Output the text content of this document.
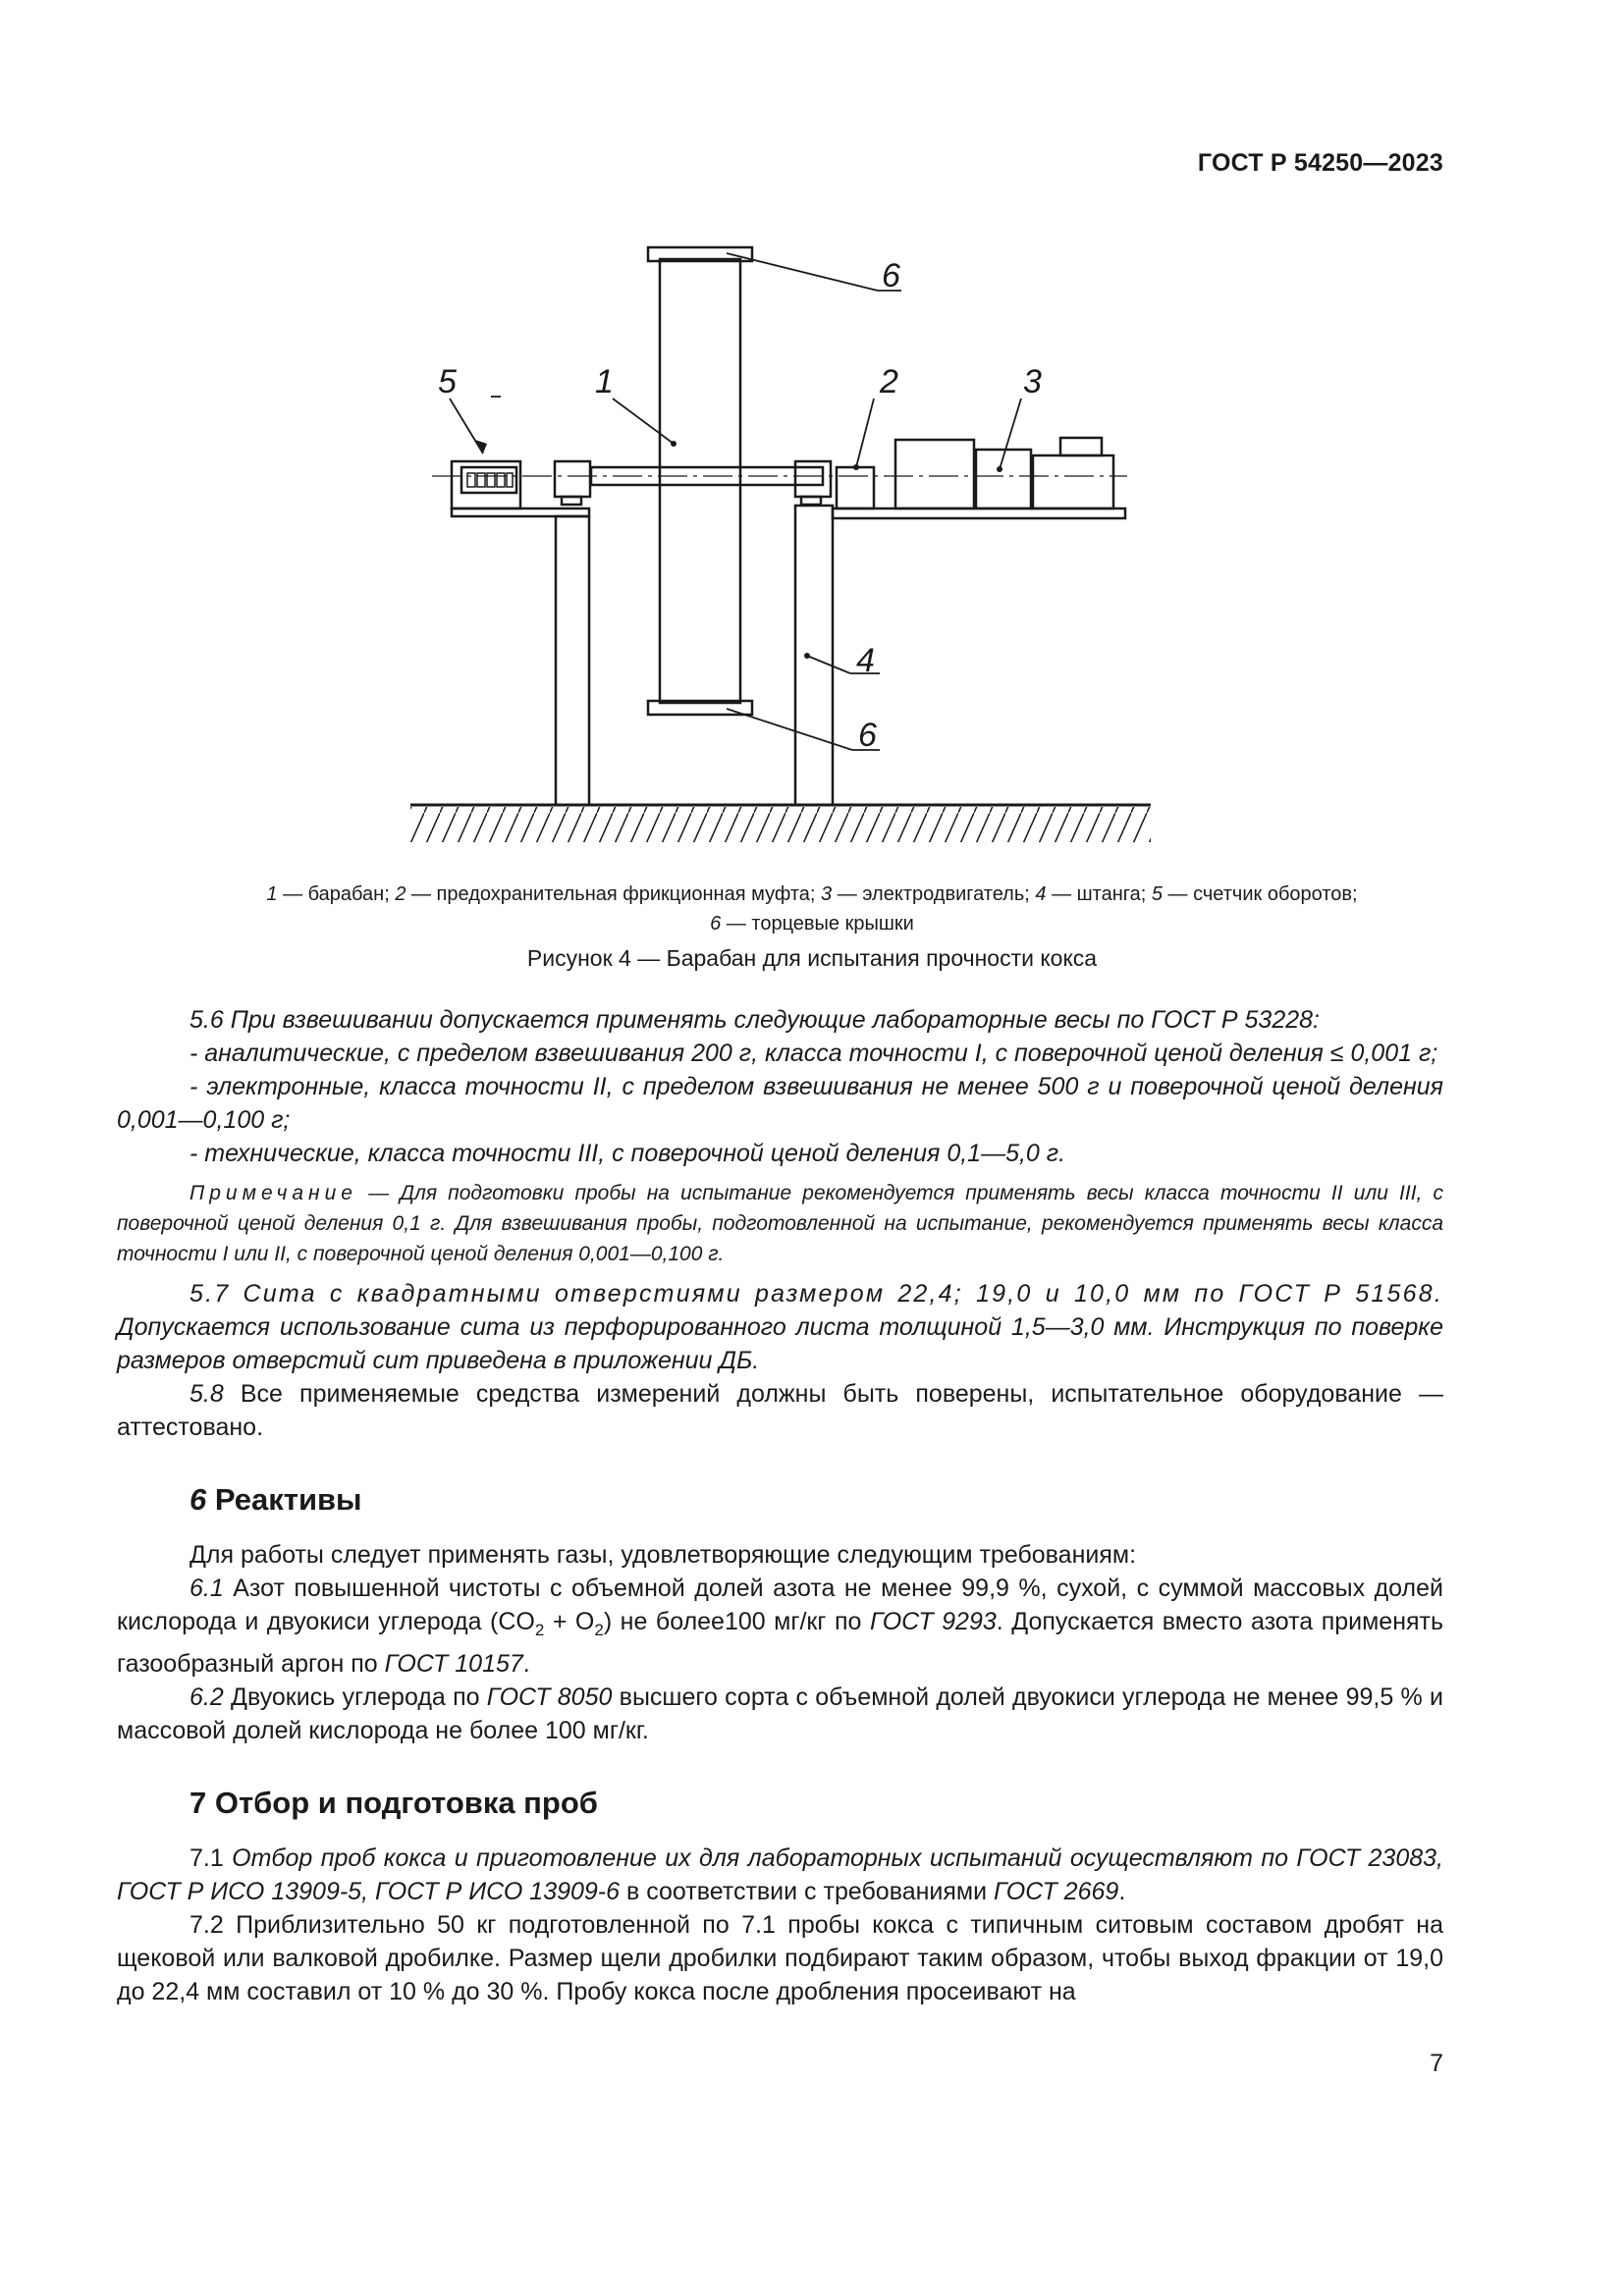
ГОСТ Р 54250—2023
5	1	2	3
4
6
6
1 — барабан; 2 — предохранительная фрикционная муфта; 3 — электродвигатель; 4 — штанга; 5 — счетчик оборотов;
6 — торцевые крышки
Рисунок 4 — Барабан для испытания прочности кокса

5.6 При взвешивании допускается применять следующие лабораторные весы по ГОСТ Р 53228:

- аналитические, с пределом взвешивания 200 г, класса точности I, с поверочной ценой деления ≤ 0,001 г;

- электронные, класса точности II, с пределом взвешивания не менее 500 г и поверочной ценой деления 0,001—0,100 г;

- технические, класса точности III, с поверочной ценой деления 0,1—5,0 г.

Примечание — Для подготовки пробы на испытание рекомендуется применять весы класса точности II или III, с поверочной ценой деления 0,1 г. Для взвешивания пробы, подготовленной на испытание, рекомендуется применять весы класса точности I или II, с поверочной ценой деления 0,001—0,100 г.

5.7 Сита с квадратными отверстиями размером 22,4; 19,0 и 10,0 мм по ГОСТ Р 51568. Допускается использование сита из перфорированного листа толщиной 1,5—3,0 мм. Инструкция по поверке размеров отверстий сит приведена в приложении ДБ.

5.8 Все применяемые средства измерений должны быть поверены, испытательное оборудование — аттестовано.

6 Реактивы

Для работы следует применять газы, удовлетворяющие следующим требованиям:

6.1 Азот повышенной чистоты с объемной долей азота не менее 99,9 %, сухой, с суммой массовых долей кислорода и двуокиси углерода $(CO_2 + O_2)$ не более100 мг/кг по ГОСТ 9293. Допускается вместо азота применять газообразный аргон по ГОСТ 10157.

6.2 Двуокись углерода по ГОСТ 8050 высшего сорта с объемной долей двуокиси углерода не менее 99,5 % и массовой долей кислорода не более 100 мг/кг.

7 Отбор и подготовка проб

7.1 Отбор проб кокса и приготовление их для лабораторных испытаний осуществляют по ГОСТ 23083, ГОСТ Р ИСО 13909-5, ГОСТ Р ИСО 13909-6 в соответствии с требованиями ГОСТ 2669.

7.2 Приблизительно 50 кг подготовленной по 7.1 пробы кокса с типичным ситовым составом дробят на щековой или валковой дробилке. Размер щели дробилки подбирают таким образом, чтобы выход фракции от 19,0 до 22,4 мм составил от 10 % до 30 %. Пробу кокса после дробления просеивают на

7
